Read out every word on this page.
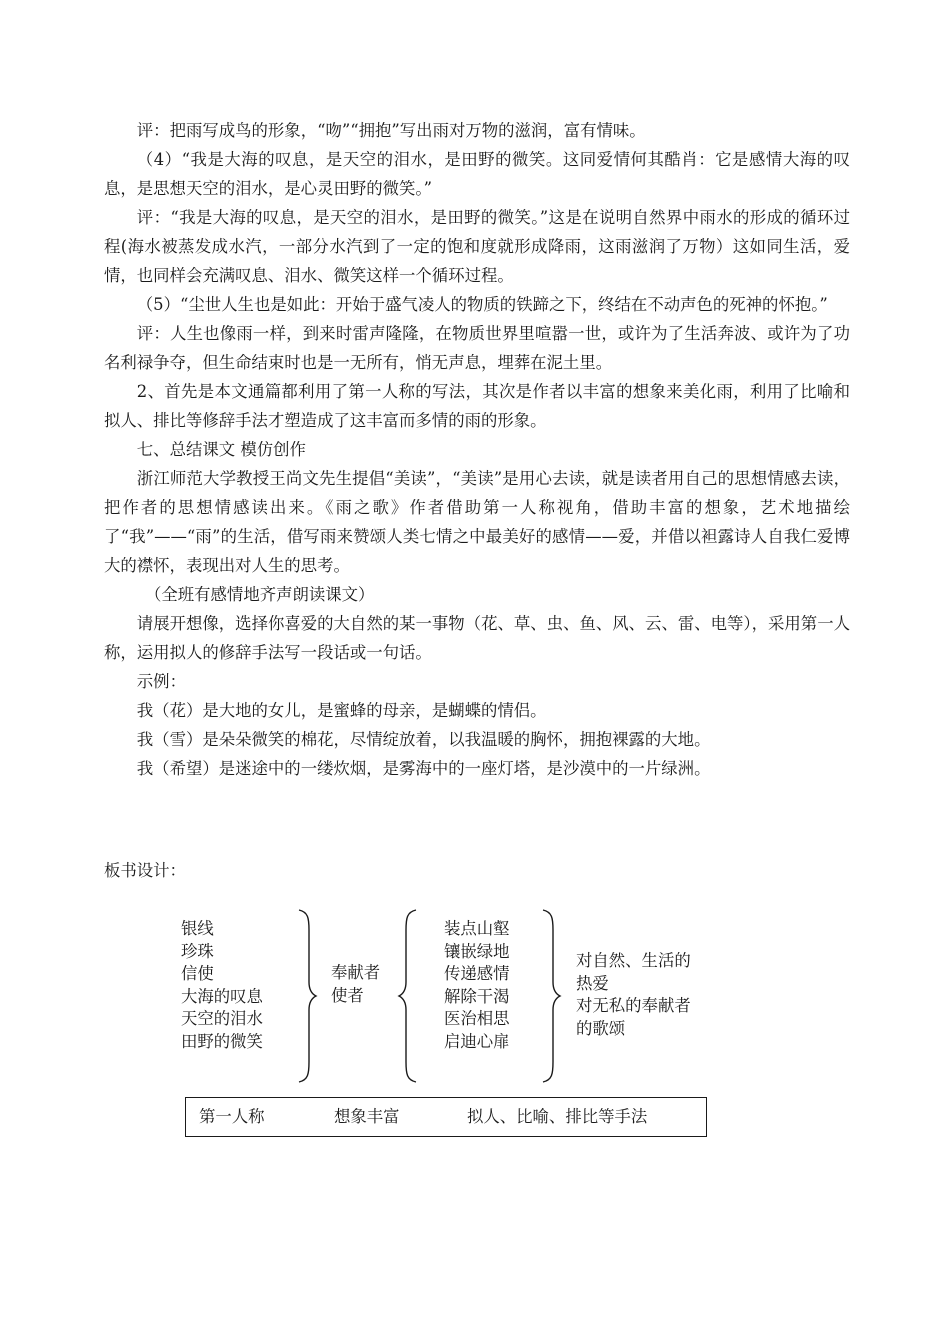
评：把雨写成鸟的形象，“吻”“拥抱”写出雨对万物的滋润，富有情味。

（4）“我是大海的叹息，是天空的泪水，是田野的微笑。这同爱情何其酷肖：它是感情大海的叹息，是思想天空的泪水，是心灵田野的微笑。”

评：“我是大海的叹息，是天空的泪水，是田野的微笑。”这是在说明自然界中雨水的形成的循环过程(海水被蒸发成水汽，一部分水汽到了一定的饱和度就形成降雨，这雨滋润了万物）这如同生活，爱情，也同样会充满叹息、泪水、微笑这样一个循环过程。

（5）“尘世人生也是如此：开始于盛气凌人的物质的铁蹄之下，终结在不动声色的死神的怀抱。”

评：人生也像雨一样，到来时雷声隆隆，在物质世界里喧嚣一世，或许为了生活奔波、或许为了功名利禄争夺，但生命结束时也是一无所有，悄无声息，埋葬在泥土里。

2、首先是本文通篇都利用了第一人称的写法，其次是作者以丰富的想象来美化雨，利用了比喻和拟人、排比等修辞手法才塑造成了这丰富而多情的雨的形象。

七、总结课文 模仿创作

浙江师范大学教授王尚文先生提倡“美读”，“美读”是用心去读，就是读者用自己的思想情感去读，把作者的思想情感读出来。《雨之歌》作者借助第一人称视角，借助丰富的想象，艺术地描绘了“我”——“雨”的生活，借写雨来赞颂人类七情之中最美好的感情——爱，并借以袒露诗人自我仁爱博大的襟怀，表现出对人生的思考。

（全班有感情地齐声朗读课文）

请展开想像，选择你喜爱的大自然的某一事物（花、草、虫、鱼、风、云、雷、电等），采用第一人称，运用拟人的修辞手法写一段话或一句话。

示例：

我（花）是大地的女儿，是蜜蜂的母亲，是蝴蝶的情侣。

我（雪）是朵朵微笑的棉花，尽情绽放着，以我温暖的胸怀，拥抱裸露的大地。

我（希望）是迷途中的一缕炊烟，是雾海中的一座灯塔，是沙漠中的一片绿洲。

板书设计：

银线
珍珠
信使
大海的叹息
天空的泪水
田野的微笑
奉献者
使者
装点山壑
镶嵌绿地
传递感情
解除干渴
医治相思
启迪心扉
对自然、生活的
热爱
对无私的奉献者
的歌颂
第一人称	想象丰富	拟人、比喻、排比等手法
